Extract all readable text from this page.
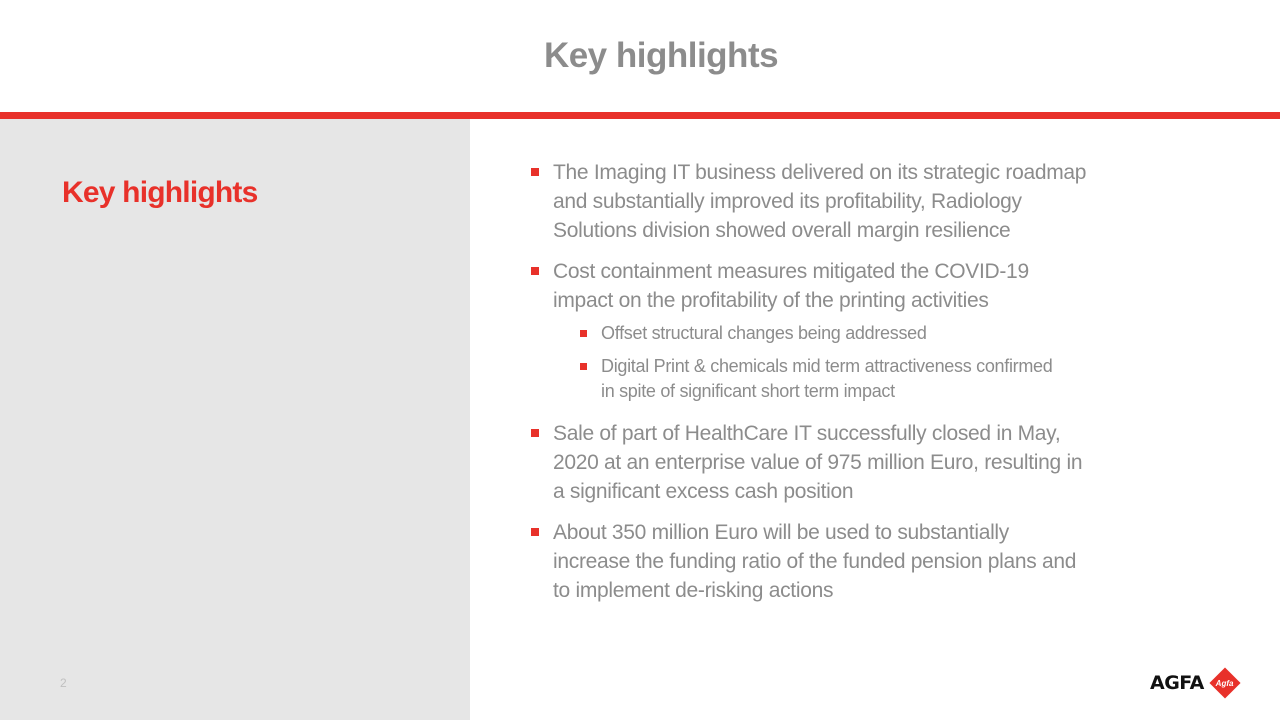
Key highlights
Key highlights
2
The Imaging IT business delivered on its strategic roadmap
and substantially improved its profitability, Radiology
Solutions division showed overall margin resilience
Cost containment measures mitigated the COVID-19
impact on the profitability of the printing activities
Offset structural changes being addressed
Digital Print & chemicals mid term attractiveness confirmed
in spite of significant short term impact
Sale of part of HealthCare IT successfully closed in May,
2020 at an enterprise value of 975 million Euro, resulting in
a significant excess cash position
About 350 million Euro will be used to substantially
increase the funding ratio of the funded pension plans and
to implement de-risking actions
AGFA Agfa
